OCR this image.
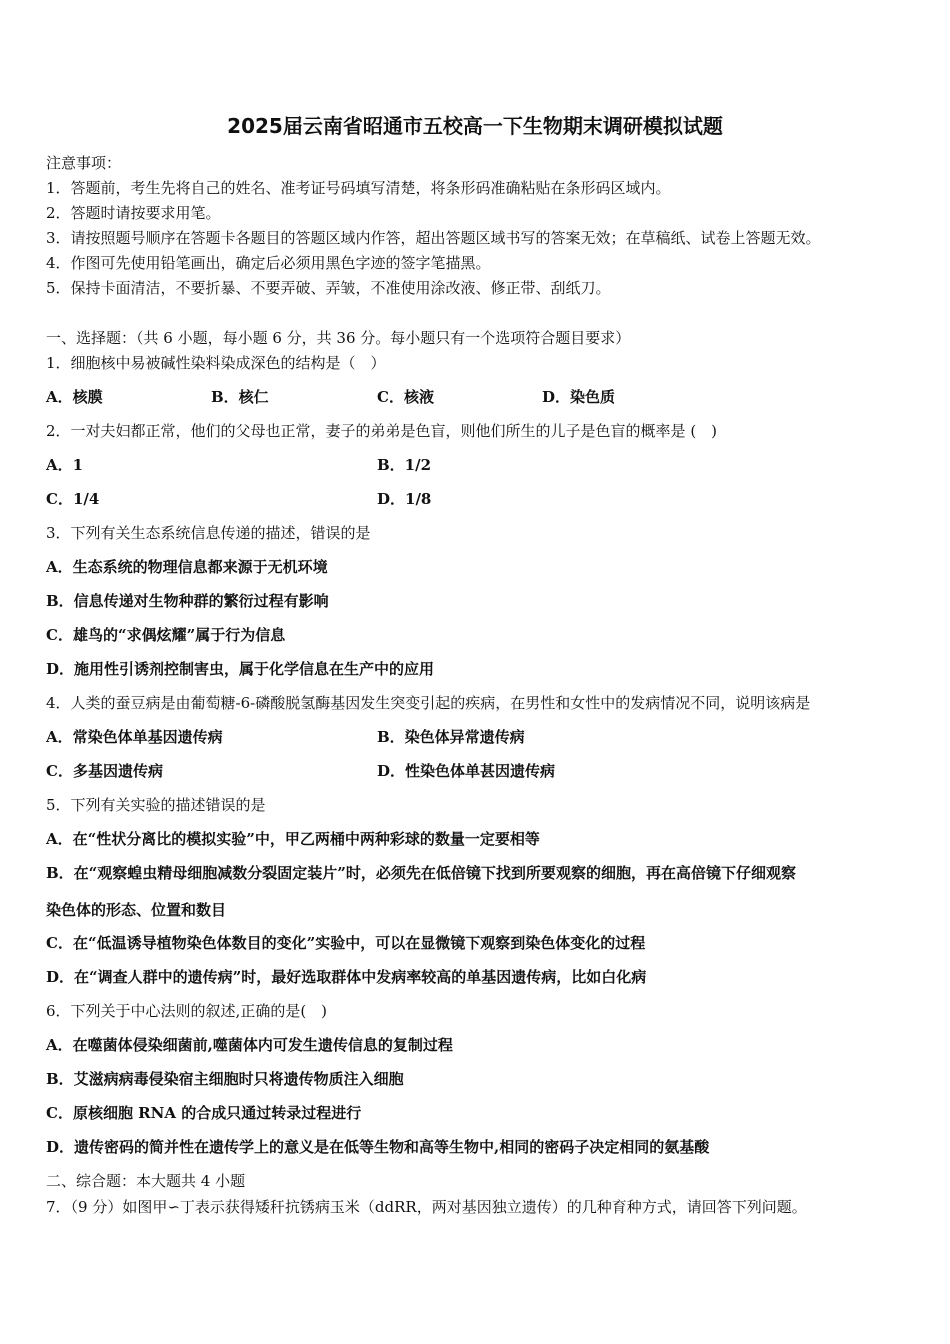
2025届云南省昭通市五校高一下生物期末调研模拟试题
注意事项：
1．答题前，考生先将自己的姓名、准考证号码填写清楚，将条形码准确粘贴在条形码区域内。
2．答题时请按要求用笔。
3．请按照题号顺序在答题卡各题目的答题区域内作答，超出答题区域书写的答案无效；在草稿纸、试卷上答题无效。
4．作图可先使用铅笔画出，确定后必须用黑色字迹的签字笔描黑。
5．保持卡面清洁，不要折暴、不要弄破、弄皱，不准使用涂改液、修正带、刮纸刀。
一、选择题：（共 6 小题，每小题 6 分，共 36 分。每小题只有一个选项符合题目要求）
1．细胞核中易被碱性染料染成深色的结构是（　）
A．核膜	B．核仁	C．核液	D．染色质
2．一对夫妇都正常，他们的父母也正常，妻子的弟弟是色盲，则他们所生的儿子是色盲的概率是 (　)
A．1	B．1/2
C．1/4	D．1/8
3．下列有关生态系统信息传递的描述，错误的是
A．生态系统的物理信息都来源于无机环境
B．信息传递对生物种群的繁衍过程有影响
C．雄鸟的“求偶炫耀”属于行为信息
D．施用性引诱剂控制害虫，属于化学信息在生产中的应用
4．人类的蚕豆病是由葡萄糖-6-磷酸脱氢酶基因发生突变引起的疾病，在男性和女性中的发病情况不同，说明该病是
A．常染色体单基因遗传病	B．染色体异常遗传病
C．多基因遗传病	D．性染色体单甚因遗传病
5．下列有关实验的描述错误的是
A．在“性状分离比的模拟实验”中，甲乙两桶中两种彩球的数量一定要相等
B．在“观察蝗虫精母细胞减数分裂固定装片”时，必须先在低倍镜下找到所要观察的细胞，再在高倍镜下仔细观察
染色体的形态、位置和数目
C．在“低温诱导植物染色体数目的变化”实验中，可以在显微镜下观察到染色体变化的过程
D．在“调查人群中的遗传病”时，最好选取群体中发病率较高的单基因遗传病，比如白化病
6．下列关于中心法则的叙述,正确的是(　)
A．在噬菌体侵染细菌前,噬菌体内可发生遗传信息的复制过程
B．艾滋病病毒侵染宿主细胞时只将遗传物质注入细胞
C．原核细胞 RNA 的合成只通过转录过程进行
D．遗传密码的简并性在遗传学上的意义是在低等生物和高等生物中,相同的密码子决定相同的氨基酸
二、综合题：本大题共 4 小题
7．（9 分）如图甲∽丁表示获得矮秆抗锈病玉米（ddRR，两对基因独立遗传）的几种育种方式，请回答下列问题。
